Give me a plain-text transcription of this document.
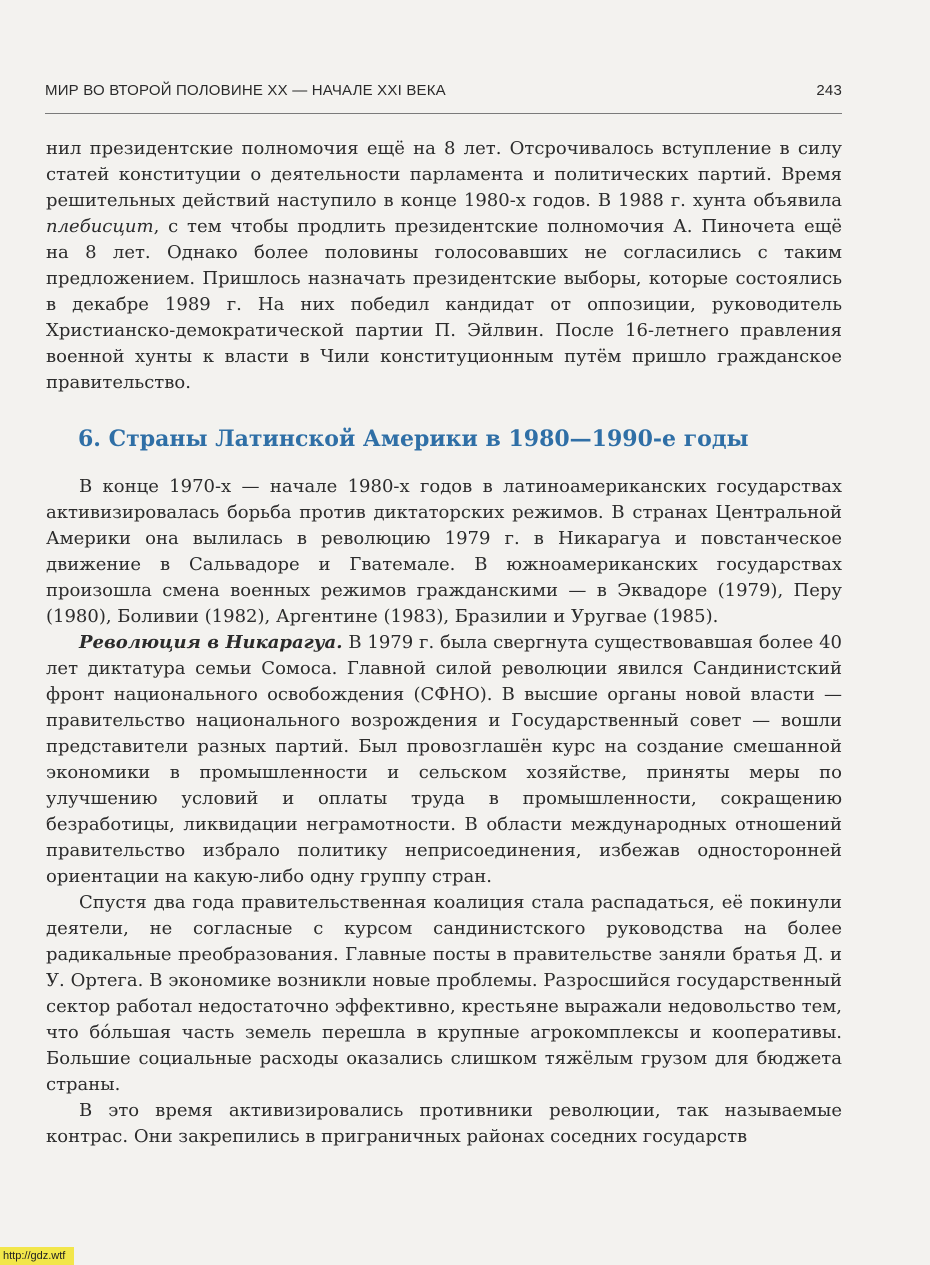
МИР ВО ВТОРОЙ ПОЛОВИНЕ XX — НАЧАЛЕ XXI ВЕКА	243

нил президентские полномочия ещё на 8 лет. Отсрочивалось вступление в силу статей конституции о деятельности парламента и политических партий. Время решительных действий наступило в конце 1980-х годов. В 1988 г. хунта объявила плебисцит, с тем чтобы продлить президентские полномочия А. Пиночета ещё на 8 лет. Однако более половины голосовавших не согласились с таким предложением. Пришлось назначать президентские выборы, которые состоялись в декабре 1989 г. На них победил кандидат от оппозиции, руководитель Христианско-демократической партии П. Эйлвин. После 16-летнего правления военной хунты к власти в Чили конституционным путём пришло гражданское правительство.

6. Страны Латинской Америки в 1980—1990-е годы

В конце 1970-х — начале 1980-х годов в латиноамериканских государствах активизировалась борьба против диктаторских режимов. В странах Центральной Америки она вылилась в революцию 1979 г. в Никарагуа и повстанческое движение в Сальвадоре и Гватемале. В южноамериканских государствах произошла смена военных режимов гражданскими — в Эквадоре (1979), Перу (1980), Боливии (1982), Аргентине (1983), Бразилии и Уругвае (1985).

Революция в Никарагуа. В 1979 г. была свергнута существовавшая более 40 лет диктатура семьи Сомоса. Главной силой революции явился Сандинистский фронт национального освобождения (СФНО). В высшие органы новой власти — правительство национального возрождения и Государственный совет — вошли представители разных партий. Был провозглашён курс на создание смешанной экономики в промышленности и сельском хозяйстве, приняты меры по улучшению условий и оплаты труда в промышленности, сокращению безработицы, ликвидации неграмотности. В области международных отношений правительство избрало политику неприсоединения, избежав односторонней ориентации на какую-либо одну группу стран.

Спустя два года правительственная коалиция стала распадаться, её покинули деятели, не согласные с курсом сандинистского руководства на более радикальные преобразования. Главные посты в правительстве заняли братья Д. и У. Ортега. В экономике возникли новые проблемы. Разросшийся государственный сектор работал недостаточно эффективно, крестьяне выражали недовольство тем, что бóльшая часть земель перешла в крупные агрокомплексы и кооперативы. Большие социальные расходы оказались слишком тяжёлым грузом для бюджета страны.

В это время активизировались противники революции, так называемые контрас. Они закрепились в приграничных районах соседних государств

http://gdz.wtf
